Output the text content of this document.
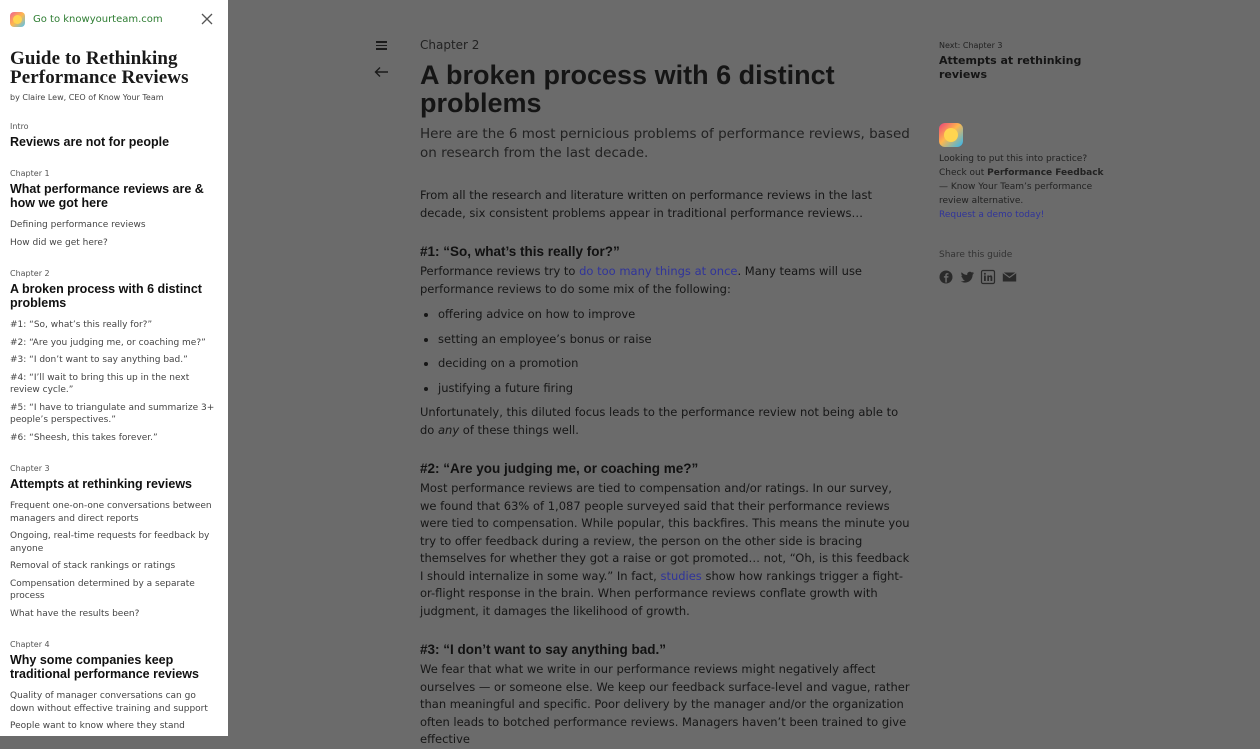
Go to knowyourteam.com
Guide to Rethinking Performance Reviews
by Claire Lew, CEO of Know Your Team
Intro
Reviews are not for people
Chapter 1
What performance reviews are & how we got here
Defining performance reviews
How did we get here?
Chapter 2
A broken process with 6 distinct problems
#1: “So, what’s this really for?”
#2: “Are you judging me, or coaching me?”
#3: “I don’t want to say anything bad.”
#4: “I’ll wait to bring this up in the next review cycle.”
#5: “I have to triangulate and summarize 3+ people’s perspectives.”
#6: “Sheesh, this takes forever.”
Chapter 3
Attempts at rethinking reviews
Frequent one-on-one conversations between managers and direct reports
Ongoing, real-time requests for feedback by anyone
Removal of stack rankings or ratings
Compensation determined by a separate process
What have the results been?
Chapter 4
Why some companies keep traditional performance reviews
Quality of manager conversations can go down without effective training and support
People want to know where they stand
Chapter 2
A broken process with 6 distinct problems
Here are the 6 most pernicious problems of performance reviews, based on research from the last decade.
From all the research and literature written on performance reviews in the last decade, six consistent problems appear in traditional performance reviews…
#1: “So, what’s this really for?”
Performance reviews try to do too many things at once. Many teams will use performance reviews to do some mix of the following:
• offering advice on how to improve
• setting an employee’s bonus or raise
• deciding on a promotion
• justifying a future firing
Unfortunately, this diluted focus leads to the performance review not being able to do any of these things well.
#2: “Are you judging me, or coaching me?”
Most performance reviews are tied to compensation and/or ratings. In our survey, we found that 63% of 1,087 people surveyed said that their performance reviews were tied to compensation. While popular, this backfires. This means the minute you try to offer feedback during a review, the person on the other side is bracing themselves for whether they got a raise or got promoted… not, “Oh, is this feedback I should internalize in some way.” In fact, studies show how rankings trigger a fight-or-flight response in the brain. When performance reviews conflate growth with judgment, it damages the likelihood of growth.
#3: “I don’t want to say anything bad.”
We fear that what we write in our performance reviews might negatively affect ourselves — or someone else. We keep our feedback surface-level and vague, rather than meaningful and specific. Poor delivery by the manager and/or the organization often leads to botched performance reviews. Managers haven’t been trained to give effective
Next: Chapter 3
Attempts at rethinking reviews
Looking to put this into practice?
Check out Performance Feedback — Know Your Team’s performance review alternative.
Request a demo today!
Share this guide
